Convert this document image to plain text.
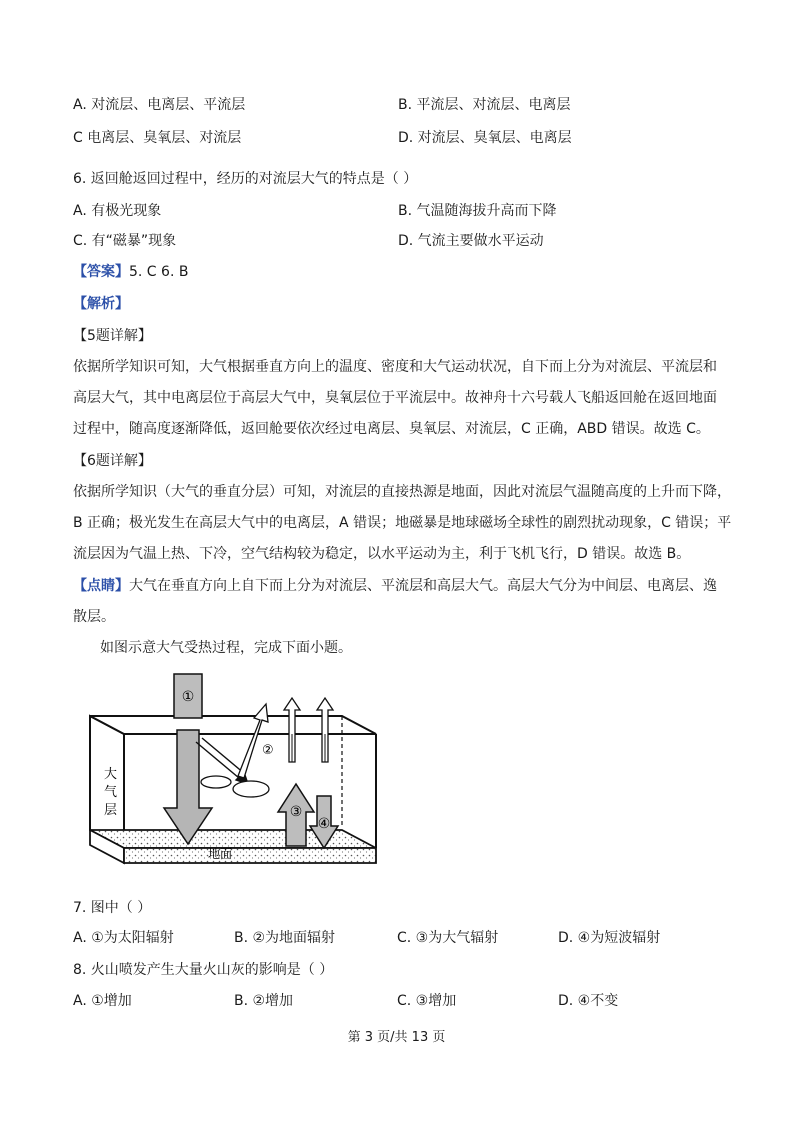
A. 对流层、电离层、平流层	B. 平流层、对流层、电离层
C 电离层、臭氧层、对流层	D. 对流层、臭氧层、电离层
6. 返回舱返回过程中，经历的对流层大气的特点是（ ）
A. 有极光现象	B. 气温随海拔升高而下降
C. 有“磁暴”现象	D. 气流主要做水平运动
【答案】5. C 6. B
【解析】
【5题详解】
依据所学知识可知，大气根据垂直方向上的温度、密度和大气运动状况，自下而上分为对流层、平流层和
高层大气，其中电离层位于高层大气中，臭氧层位于平流层中。故神舟十六号载人飞船返回舱在返回地面
过程中，随高度逐渐降低，返回舱要依次经过电离层、臭氧层、对流层，C 正确，ABD 错误。故选 C。
【6题详解】
依据所学知识（大气的垂直分层）可知，对流层的直接热源是地面，因此对流层气温随高度的上升而下降，
B 正确；极光发生在高层大气中的电离层，A 错误；地磁暴是地球磁场全球性的剧烈扰动现象，C 错误；平
流层因为气温上热、下冷，空气结构较为稳定，以水平运动为主，利于飞机飞行，D 错误。故选 B。
【点睛】大气在垂直方向上自下而上分为对流层、平流层和高层大气。高层大气分为中间层、电离层、逸
散层。
如图示意大气受热过程，完成下面小题。
大
气
层
地面
①
②
③
④
7. 图中（ ）
A. ①为太阳辐射	B. ②为地面辐射	C. ③为大气辐射	D. ④为短波辐射
8. 火山喷发产生大量火山灰的影响是（ ）
A. ①增加	B. ②增加	C. ③增加	D. ④不变
第 3 页/共 13 页
